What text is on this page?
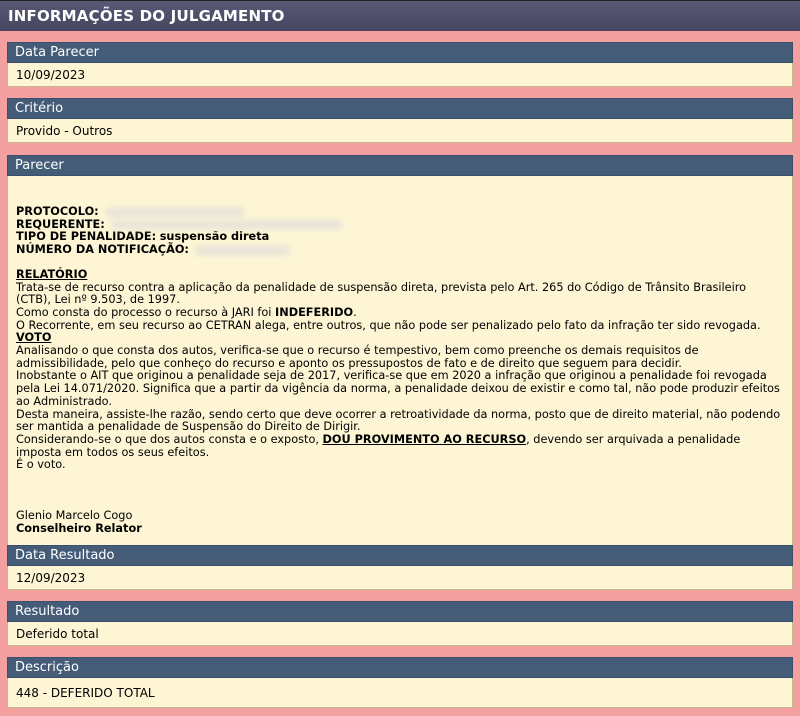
INFORMAÇÕES DO JULGAMENTO
Data Parecer
10/09/2023
Critério
Provido - Outros
Parecer

PROTOCOLO:

REQUERENTE:

TIPO DE PENALIDADE: suspensão direta

NÚMERO DA NOTIFICAÇÃO:

RELATÓRIO

Trata-se de recurso contra a aplicação da penalidade de suspensão direta, prevista pelo Art. 265 do Código de Trânsito Brasileiro (CTB), Lei nº 9.503, de 1997.

Como consta do processo o recurso à JARI foi INDEFERIDO.

O Recorrente, em seu recurso ao CETRAN alega, entre outros, que não pode ser penalizado pelo fato da infração ter sido revogada.

VOTO

Analisando o que consta dos autos, verifica-se que o recurso é tempestivo, bem como preenche os demais requisitos de admissibilidade, pelo que conheço do recurso e aponto os pressupostos de fato e de direito que seguem para decidir.

Inobstante o AIT que originou a penalidade seja de 2017, verifica-se que em 2020 a infração que originou a penalidade foi revogada pela Lei 14.071/2020. Significa que a partir da vigência da norma, a penalidade deixou de existir e como tal, não pode produzir efeitos ao Administrado.

Desta maneira, assiste-lhe razão, sendo certo que deve ocorrer a retroatividade da norma, posto que de direito material, não podendo ser mantida a penalidade de Suspensão do Direito de Dirigir.

Considerando-se o que dos autos consta e o exposto, DOU PROVIMENTO AO RECURSO, devendo ser arquivada a penalidade imposta em todos os seus efeitos.

É o voto.

Glenio Marcelo Cogo

Conselheiro Relator

Data Resultado
12/09/2023
Resultado
Deferido total
Descrição
448 - DEFERIDO TOTAL
